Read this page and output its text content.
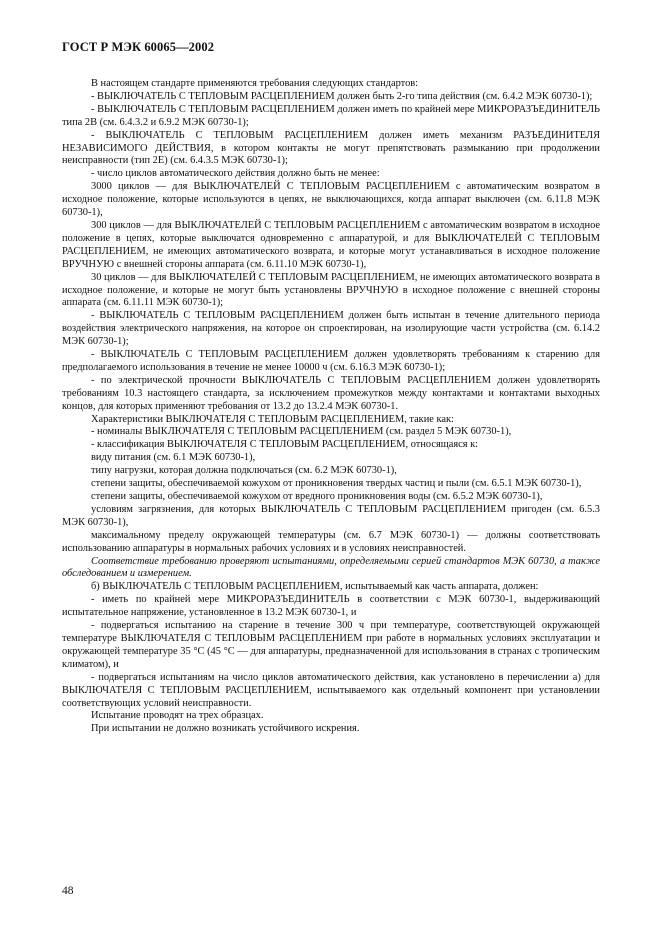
ГОСТ Р МЭК 60065—2002

В настоящем стандарте применяются требования следующих стандартов:

- ВЫКЛЮЧАТЕЛЬ С ТЕПЛОВЫМ РАСЦЕПЛЕНИЕМ должен быть 2-го типа действия (см. 6.4.2 МЭК 60730-1);

- ВЫКЛЮЧАТЕЛЬ С ТЕПЛОВЫМ РАСЦЕПЛЕНИЕМ должен иметь по крайней мере МИКРОРАЗЪЕДИНИТЕЛЬ типа 2В (см. 6.4.3.2 и 6.9.2 МЭК 60730-1);

- ВЫКЛЮЧАТЕЛЬ С ТЕПЛОВЫМ РАСЦЕПЛЕНИЕМ должен иметь механизм РАЗЪЕДИНИТЕЛЯ НЕЗАВИСИМОГО ДЕЙСТВИЯ, в котором контакты не могут препятствовать размыканию при продолжении неисправности (тип 2Е) (см. 6.4.3.5 МЭК 60730-1);

- число циклов автоматического действия должно быть не менее:

3000 циклов — для ВЫКЛЮЧАТЕЛЕЙ С ТЕПЛОВЫМ РАСЦЕПЛЕНИЕМ с автоматическим возвратом в исходное положение, которые используются в цепях, не выключающихся, когда аппарат выключен (см. 6.11.8 МЭК 60730-1),

300 циклов — для ВЫКЛЮЧАТЕЛЕЙ С ТЕПЛОВЫМ РАСЦЕПЛЕНИЕМ с автоматическим возвратом в исходное положение в цепях, которые выключатся одновременно с аппаратурой, и для ВЫКЛЮЧАТЕЛЕЙ С ТЕПЛОВЫМ РАСЦЕПЛЕНИЕМ, не имеющих автоматического возврата, и которые могут устанавливаться в исходное положение ВРУЧНУЮ с внешней стороны аппарата (см. 6.11.10 МЭК 60730-1),

30 циклов — для ВЫКЛЮЧАТЕЛЕЙ С ТЕПЛОВЫМ РАСЦЕПЛЕНИЕМ, не имеющих автоматического возврата в исходное положение, и которые не могут быть установлены ВРУЧНУЮ в исходное положение с внешней стороны аппарата (см. 6.11.11 МЭК 60730-1);

- ВЫКЛЮЧАТЕЛЬ С ТЕПЛОВЫМ РАСЦЕПЛЕНИЕМ должен быть испытан в течение длительного периода воздействия электрического напряжения, на которое он спроектирован, на изолирующие части устройства (см. 6.14.2 МЭК 60730-1);

- ВЫКЛЮЧАТЕЛЬ С ТЕПЛОВЫМ РАСЦЕПЛЕНИЕМ должен удовлетворять требованиям к старению для предполагаемого использования в течение не менее 10000 ч (см. 6.16.3 МЭК 60730-1);

- по электрической прочности ВЫКЛЮЧАТЕЛЬ С ТЕПЛОВЫМ РАСЦЕПЛЕНИЕМ должен удовлетворять требованиям 10.3 настоящего стандарта, за исключением промежутков между контактами и контактами выходных концов, для которых применяют требования от 13.2 до 13.2.4 МЭК 60730-1.

Характеристики ВЫКЛЮЧАТЕЛЯ С ТЕПЛОВЫМ РАСЦЕПЛЕНИЕМ, такие как:

- номиналы ВЫКЛЮЧАТЕЛЯ С ТЕПЛОВЫМ РАСЦЕПЛЕНИЕМ (см. раздел 5 МЭК 60730-1),

- классификация ВЫКЛЮЧАТЕЛЯ С ТЕПЛОВЫМ РАСЦЕПЛЕНИЕМ, относящаяся к:

виду питания (см. 6.1 МЭК 60730-1),

типу нагрузки, которая должна подключаться (см. 6.2 МЭК 60730-1),

степени защиты, обеспечиваемой кожухом от проникновения твердых частиц и пыли (см. 6.5.1 МЭК 60730-1),

степени защиты, обеспечиваемой кожухом от вредного проникновения воды (см. 6.5.2 МЭК 60730-1),

условиям загрязнения, для которых ВЫКЛЮЧАТЕЛЬ С ТЕПЛОВЫМ РАСЦЕПЛЕНИЕМ пригоден (см. 6.5.3 МЭК 60730-1),

максимальному пределу окружающей температуры (см. 6.7 МЭК 60730-1) — должны соответствовать использованию аппаратуры в нормальных рабочих условиях и в условиях неисправностей.

Соответствие требованию проверяют испытаниями, определяемыми серией стандартов МЭК 60730, а также обследованием и измерением.

б) ВЫКЛЮЧАТЕЛЬ С ТЕПЛОВЫМ РАСЦЕПЛЕНИЕМ, испытываемый как часть аппарата, должен:

- иметь по крайней мере МИКРОРАЗЪЕДИНИТЕЛЬ в соответствии с МЭК 60730-1, выдерживающий испытательное напряжение, установленное в 13.2 МЭК 60730-1, и

- подвергаться испытанию на старение в течение 300 ч при температуре, соответствующей окружающей температуре ВЫКЛЮЧАТЕЛЯ С ТЕПЛОВЫМ РАСЦЕПЛЕНИЕМ при работе в нормальных условиях эксплуатации и окружающей температуре 35 °С (45 °С — для аппаратуры, предназначенной для использования в странах с тропическим климатом), и

- подвергаться испытаниям на число циклов автоматического действия, как установлено в перечислении а) для ВЫКЛЮЧАТЕЛЯ С ТЕПЛОВЫМ РАСЦЕПЛЕНИЕМ, испытываемого как отдельный компонент при установлении соответствующих условий неисправности.

Испытание проводят на трех образцах.

При испытании не должно возникать устойчивого искрения.

48
